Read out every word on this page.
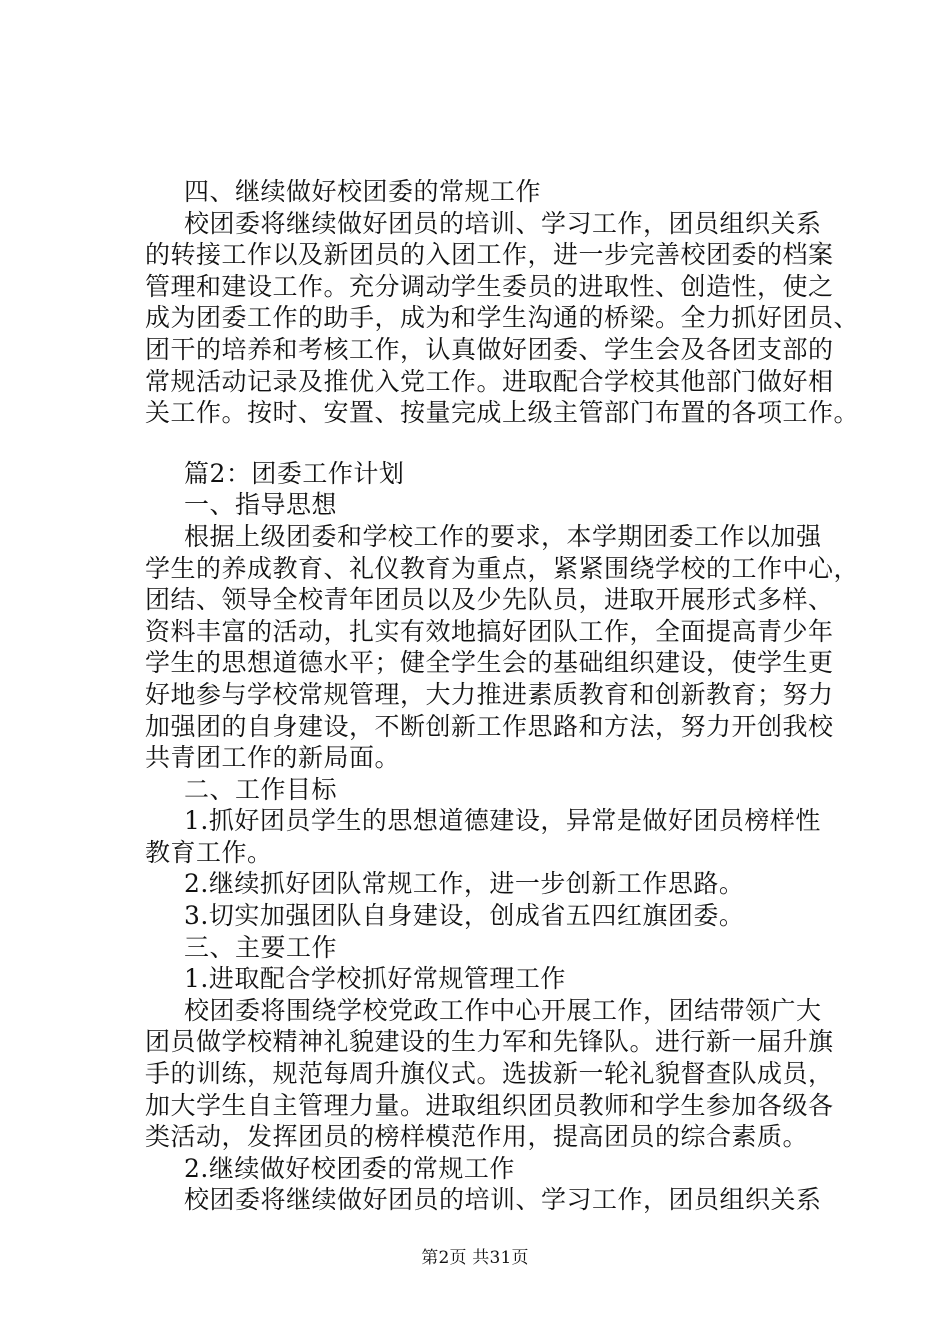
四、继续做好校团委的常规工作
校团委将继续做好团员的培训、学习工作，团员组织关系
的转接工作以及新团员的入团工作，进一步完善校团委的档案
管理和建设工作。充分调动学生委员的进取性、创造性，使之
成为团委工作的助手，成为和学生沟通的桥梁。全力抓好团员、
团干的培养和考核工作，认真做好团委、学生会及各团支部的
常规活动记录及推优入党工作。进取配合学校其他部门做好相
关工作。按时、安置、按量完成上级主管部门布置的各项工作。
篇2：团委工作计划
一、指导思想
根据上级团委和学校工作的要求，本学期团委工作以加强
学生的养成教育、礼仪教育为重点，紧紧围绕学校的工作中心，
团结、领导全校青年团员以及少先队员，进取开展形式多样、
资料丰富的活动，扎实有效地搞好团队工作，全面提高青少年
学生的思想道德水平；健全学生会的基础组织建设，使学生更
好地参与学校常规管理，大力推进素质教育和创新教育；努力
加强团的自身建设，不断创新工作思路和方法，努力开创我校
共青团工作的新局面。
二、工作目标
1.抓好团员学生的思想道德建设，异常是做好团员榜样性
教育工作。
2.继续抓好团队常规工作，进一步创新工作思路。
3.切实加强团队自身建设，创成省五四红旗团委。
三、主要工作
1.进取配合学校抓好常规管理工作
校团委将围绕学校党政工作中心开展工作，团结带领广大
团员做学校精神礼貌建设的生力军和先锋队。进行新一届升旗
手的训练，规范每周升旗仪式。选拔新一轮礼貌督查队成员，
加大学生自主管理力量。进取组织团员教师和学生参加各级各
类活动，发挥团员的榜样模范作用，提高团员的综合素质。
2.继续做好校团委的常规工作
校团委将继续做好团员的培训、学习工作，团员组织关系
第2页 共31页
